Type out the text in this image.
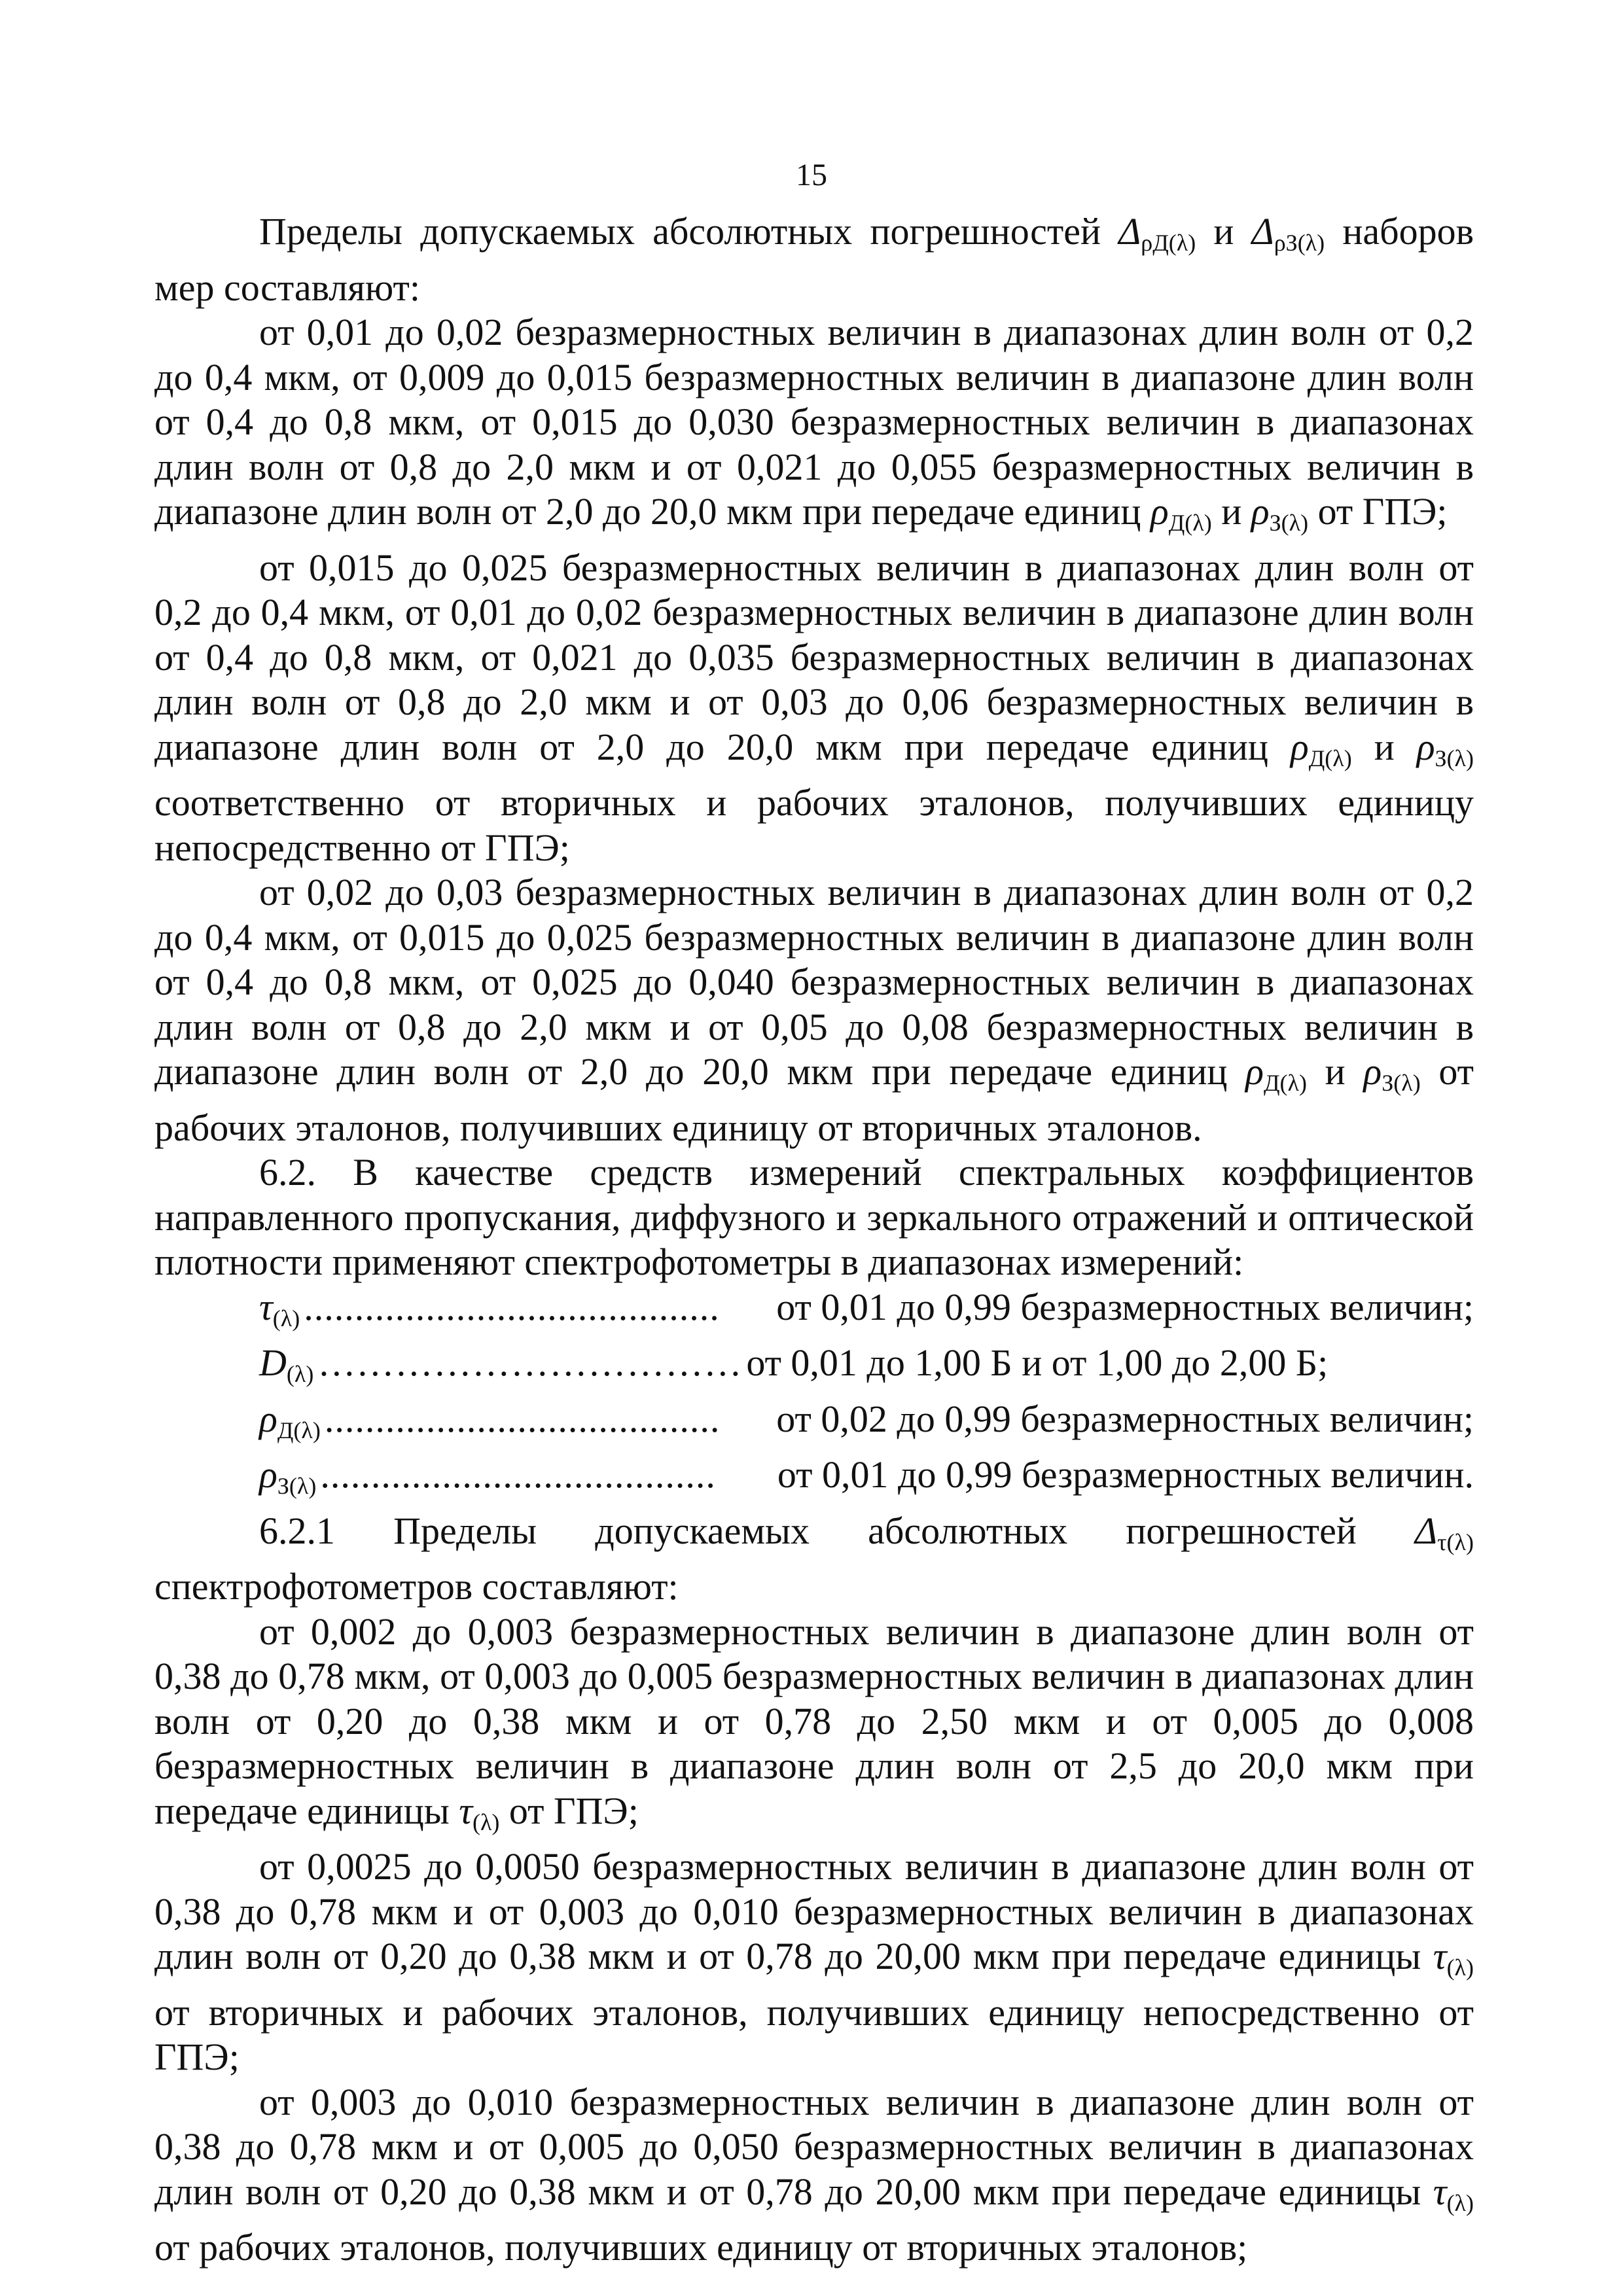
15

Пределы допускаемых абсолютных погрешностей $\Delta_{\rho Д(\lambda)}$ и $\Delta_{\rho З(\lambda)}$ наборов мер составляют:

от 0,01 до 0,02 безразмерностных величин в диапазонах длин волн от 0,2 до 0,4 мкм, от 0,009 до 0,015 безразмерностных величин в диапазоне длин волн от 0,4 до 0,8 мкм, от 0,015 до 0,030 безразмерностных величин в диапазонах длин волн от 0,8 до 2,0 мкм и от 0,021 до 0,055 безразмерностных величин в диапазоне длин волн от 2,0 до 20,0 мкм при передаче единиц $\rho_{Д(\lambda)}$ и $\rho_{З(\lambda)}$ от ГПЭ;

от 0,015 до 0,025 безразмерностных величин в диапазонах длин волн от 0,2 до 0,4 мкм, от 0,01 до 0,02 безразмерностных величин в диапазоне длин волн от 0,4 до 0,8 мкм, от 0,021 до 0,035 безразмерностных величин в диапазонах длин волн от 0,8 до 2,0 мкм и от 0,03 до 0,06 безразмерностных величин в диапазоне длин волн от 2,0 до 20,0 мкм при передаче единиц $\rho_{Д(\lambda)}$ и $\rho_{З(\lambda)}$ соответственно от вторичных и рабочих эталонов, получивших единицу непосредственно от ГПЭ;

от 0,02 до 0,03 безразмерностных величин в диапазонах длин волн от 0,2 до 0,4 мкм, от 0,015 до 0,025 безразмерностных величин в диапазоне длин волн от 0,4 до 0,8 мкм, от 0,025 до 0,040 безразмерностных величин в диапазонах длин волн от 0,8 до 2,0 мкм и от 0,05 до 0,08 безразмерностных величин в диапазоне длин волн от 2,0 до 20,0 мкм при передаче единиц $\rho_{Д(\lambda)}$ и $\rho_{З(\lambda)}$ от рабочих эталонов, получивших единицу от вторичных эталонов.

6.2. В качестве средств измерений спектральных коэффициентов направленного пропускания, диффузного и зеркального отражений и оптической плотности применяют спектрофотометры в диапазонах измерений:

$\tau_{(\lambda)}$ .........................................	от 0,01 до 0,99 безразмерностных величин;
$D_{(\lambda)}$ …………………………… от 0,01 до 1,00 Б и от 1,00 до 2,00 Б;
$\rho_{Д(\lambda)}$ .......................................	от 0,02 до 0,99 безразмерностных величин;
$\rho_{З(\lambda)}$ .......................................	от 0,01 до 0,99 безразмерностных величин.
6.2.1 Пределы допускаемых абсолютных погрешностей $\Delta_{\tau(\lambda)}$

спектрофотометров составляют:

от 0,002 до 0,003 безразмерностных величин в диапазоне длин волн от 0,38 до 0,78 мкм, от 0,003 до 0,005 безразмерностных величин в диапазонах длин волн от 0,20 до 0,38 мкм и от 0,78 до 2,50 мкм и от 0,005 до 0,008 безразмерностных величин в диапазоне длин волн от 2,5 до 20,0 мкм при передаче единицы $\tau_{(\lambda)}$ от ГПЭ;

от 0,0025 до 0,0050 безразмерностных величин в диапазоне длин волн от 0,38 до 0,78 мкм и от 0,003 до 0,010 безразмерностных величин в диапазонах длин волн от 0,20 до 0,38 мкм и от 0,78 до 20,00 мкм при передаче единицы $\tau_{(\lambda)}$ от вторичных и рабочих эталонов, получивших единицу непосредственно от ГПЭ;

от 0,003 до 0,010 безразмерностных величин в диапазоне длин волн от 0,38 до 0,78 мкм и от 0,005 до 0,050 безразмерностных величин в диапазонах длин волн от 0,20 до 0,38 мкм и от 0,78 до 20,00 мкм при передаче единицы $\tau_{(\lambda)}$ от рабочих эталонов, получивших единицу от вторичных эталонов;
